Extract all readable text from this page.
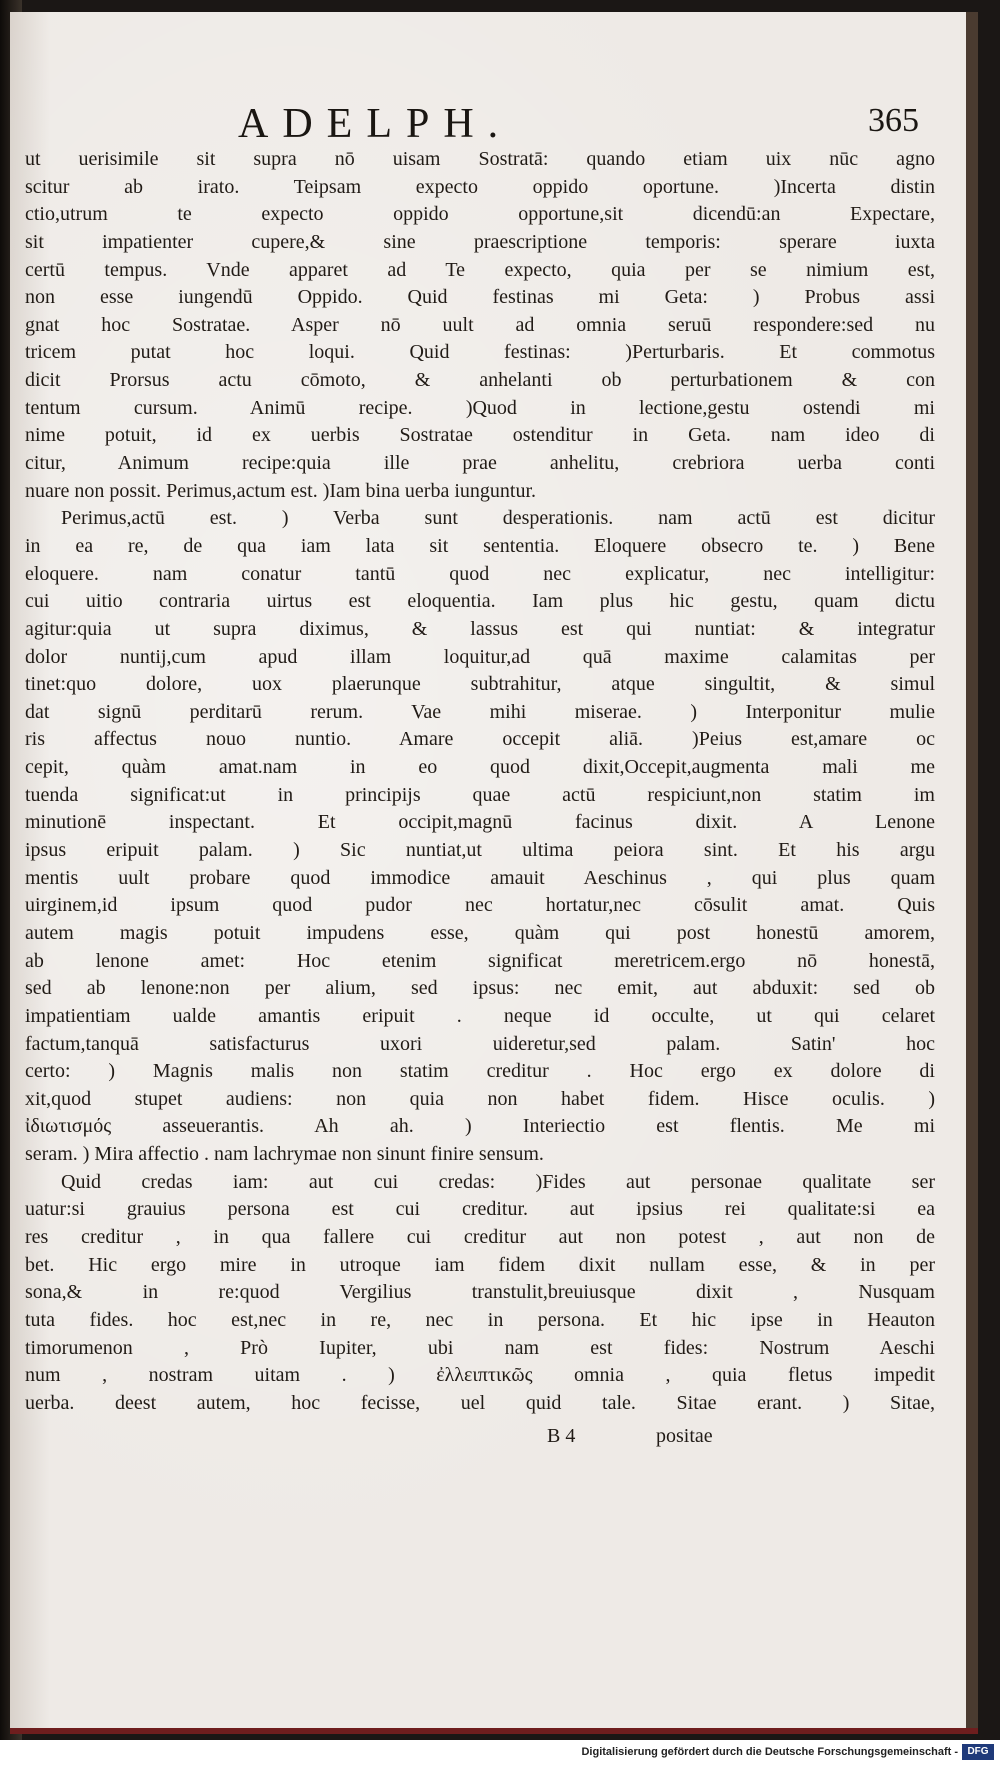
ADELPH.	365
ut uerisimile sit supra nō uisam Sostratā: quando etiam uix nūc agno
scitur ab irato. Teipsam expecto oppido oportune. )Incerta distin
ctio,utrum te expecto oppido opportune,sit dicendū:an Expectare,
sit impatienter cupere,& sine praescriptione temporis: sperare iuxta
certū tempus. Vnde apparet ad Te expecto, quia per se nimium est,
non esse iungendū Oppido. Quid festinas mi Geta: ) Probus assi
gnat hoc Sostratae. Asper nō uult ad omnia seruū respondere:sed nu
tricem putat hoc loqui. Quid festinas: )Perturbaris. Et commotus
dicit Prorsus actu cōmoto, & anhelanti ob perturbationem & con
tentum cursum. Animū recipe. )Quod in lectione,gestu ostendi mi
nime potuit, id ex uerbis Sostratae ostenditur in Geta. nam ideo di
citur, Animum recipe:quia ille prae anhelitu, crebriora uerba conti
nuare non possit. Perimus,actum est. )Iam bina uerba iunguntur.
Perimus,actū est. ) Verba sunt desperationis. nam actū est dicitur
in ea re, de qua iam lata sit sententia. Eloquere obsecro te. ) Bene
eloquere. nam conatur tantū quod nec explicatur, nec intelligitur:
cui uitio contraria uirtus est eloquentia. Iam plus hic gestu, quam dictu
agitur:quia ut supra diximus, & lassus est qui nuntiat: & integratur
dolor nuntij,cum apud illam loquitur,ad quā maxime calamitas per
tinet:quo dolore, uox plaerunque subtrahitur, atque singultit, & simul
dat signū perditarū rerum. Vae mihi miserae. ) Interponitur mulie
ris affectus nouo nuntio. Amare occepit aliā. )Peius est,amare oc
cepit, quàm amat.nam in eo quod dixit,Occepit,augmenta mali me
tuenda significat:ut in principijs quae actū respiciunt,non statim im
minutionē inspectant. Et occipit,magnū facinus dixit. A Lenone
ipsus eripuit palam. ) Sic nuntiat,ut ultima peiora sint. Et his argu
mentis uult probare quod immodice amauit Aeschinus , qui plus quam
uirginem,id ipsum quod pudor nec hortatur,nec cōsulit amat. Quis
autem magis potuit impudens esse, quàm qui post honestū amorem,
ab lenone amet: Hoc etenim significat meretricem.ergo nō honestā,
sed ab lenone:non per alium, sed ipsus: nec emit, aut abduxit: sed ob
impatientiam ualde amantis eripuit . neque id occulte, ut qui celaret
factum,tanquā satisfacturus uxori uideretur,sed palam. Satin' hoc
certo: ) Magnis malis non statim creditur . Hoc ergo ex dolore di
xit,quod stupet audiens: non quia non habet fidem. Hisce oculis. )
ἰδιωτισμός asseuerantis. Ah ah. ) Interiectio est flentis. Me mi
seram. ) Mira affectio . nam lachrymae non sinunt finire sensum.
Quid credas iam: aut cui credas: )Fides aut personae qualitate ser
uatur:si grauius persona est cui creditur. aut ipsius rei qualitate:si ea
res creditur , in qua fallere cui creditur aut non potest , aut non de
bet. Hic ergo mire in utroque iam fidem dixit nullam esse, & in per
sona,& in re:quod Vergilius transtulit,breuiusque dixit , Nusquam
tuta fides. hoc est,nec in re, nec in persona. Et hic ipse in Heauton
timorumenon , Prò Iupiter, ubi nam est fides: Nostrum Aeschi
num , nostram uitam . ) ἐλλειπτικῶς omnia , quia fletus impedit
uerba. deest autem, hoc fecisse, uel quid tale. Sitae erant. ) Sitae,
B 4	positae
Digitalisierung gefördert durch die Deutsche Forschungsgemeinschaft - DFG
